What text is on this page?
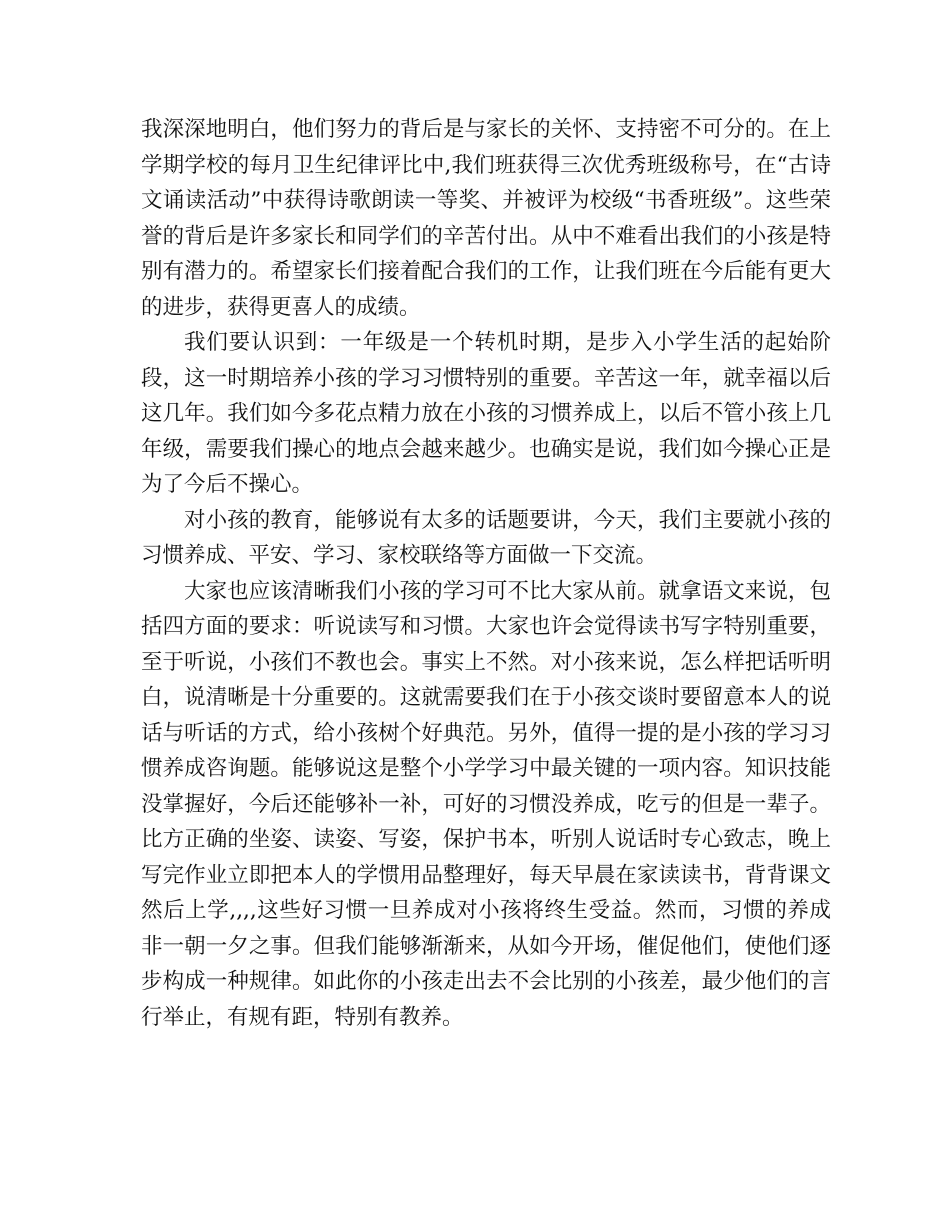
我深深地明白，他们努力的背后是与家长的关怀、支持密不可分的。在上学期学校的每月卫生纪律评比中,我们班获得三次优秀班级称号，在“古诗文诵读活动”中获得诗歌朗读一等奖、并被评为校级“书香班级”。这些荣誉的背后是许多家长和同学们的辛苦付出。从中不难看出我们的小孩是特别有潜力的。希望家长们接着配合我们的工作，让我们班在今后能有更大的进步，获得更喜人的成绩。

我们要认识到：一年级是一个转机时期，是步入小学生活的起始阶段，这一时期培养小孩的学习习惯特别的重要。辛苦这一年，就幸福以后这几年。我们如今多花点精力放在小孩的习惯养成上，以后不管小孩上几年级，需要我们操心的地点会越来越少。也确实是说，我们如今操心正是为了今后不操心。

对小孩的教育，能够说有太多的话题要讲，今天，我们主要就小孩的习惯养成、平安、学习、家校联络等方面做一下交流。

大家也应该清晰我们小孩的学习可不比大家从前。就拿语文来说，包括四方面的要求：听说读写和习惯。大家也许会觉得读书写字特别重要，至于听说，小孩们不教也会。事实上不然。对小孩来说，怎么样把话听明白，说清晰是十分重要的。这就需要我们在于小孩交谈时要留意本人的说话与听话的方式，给小孩树个好典范。另外，值得一提的是小孩的学习习惯养成咨询题。能够说这是整个小学学习中最关键的一项内容。知识技能没掌握好，今后还能够补一补，可好的习惯没养成，吃亏的但是一辈子。比方正确的坐姿、读姿、写姿，保护书本，听别人说话时专心致志，晚上写完作业立即把本人的学惯用品整理好，每天早晨在家读读书，背背课文然后上学,,,,这些好习惯一旦养成对小孩将终生受益。然而，习惯的养成非一朝一夕之事。但我们能够渐渐来，从如今开场，催促他们，使他们逐步构成一种规律。如此你的小孩走出去不会比别的小孩差，最少他们的言行举止，有规有距，特别有教养。
